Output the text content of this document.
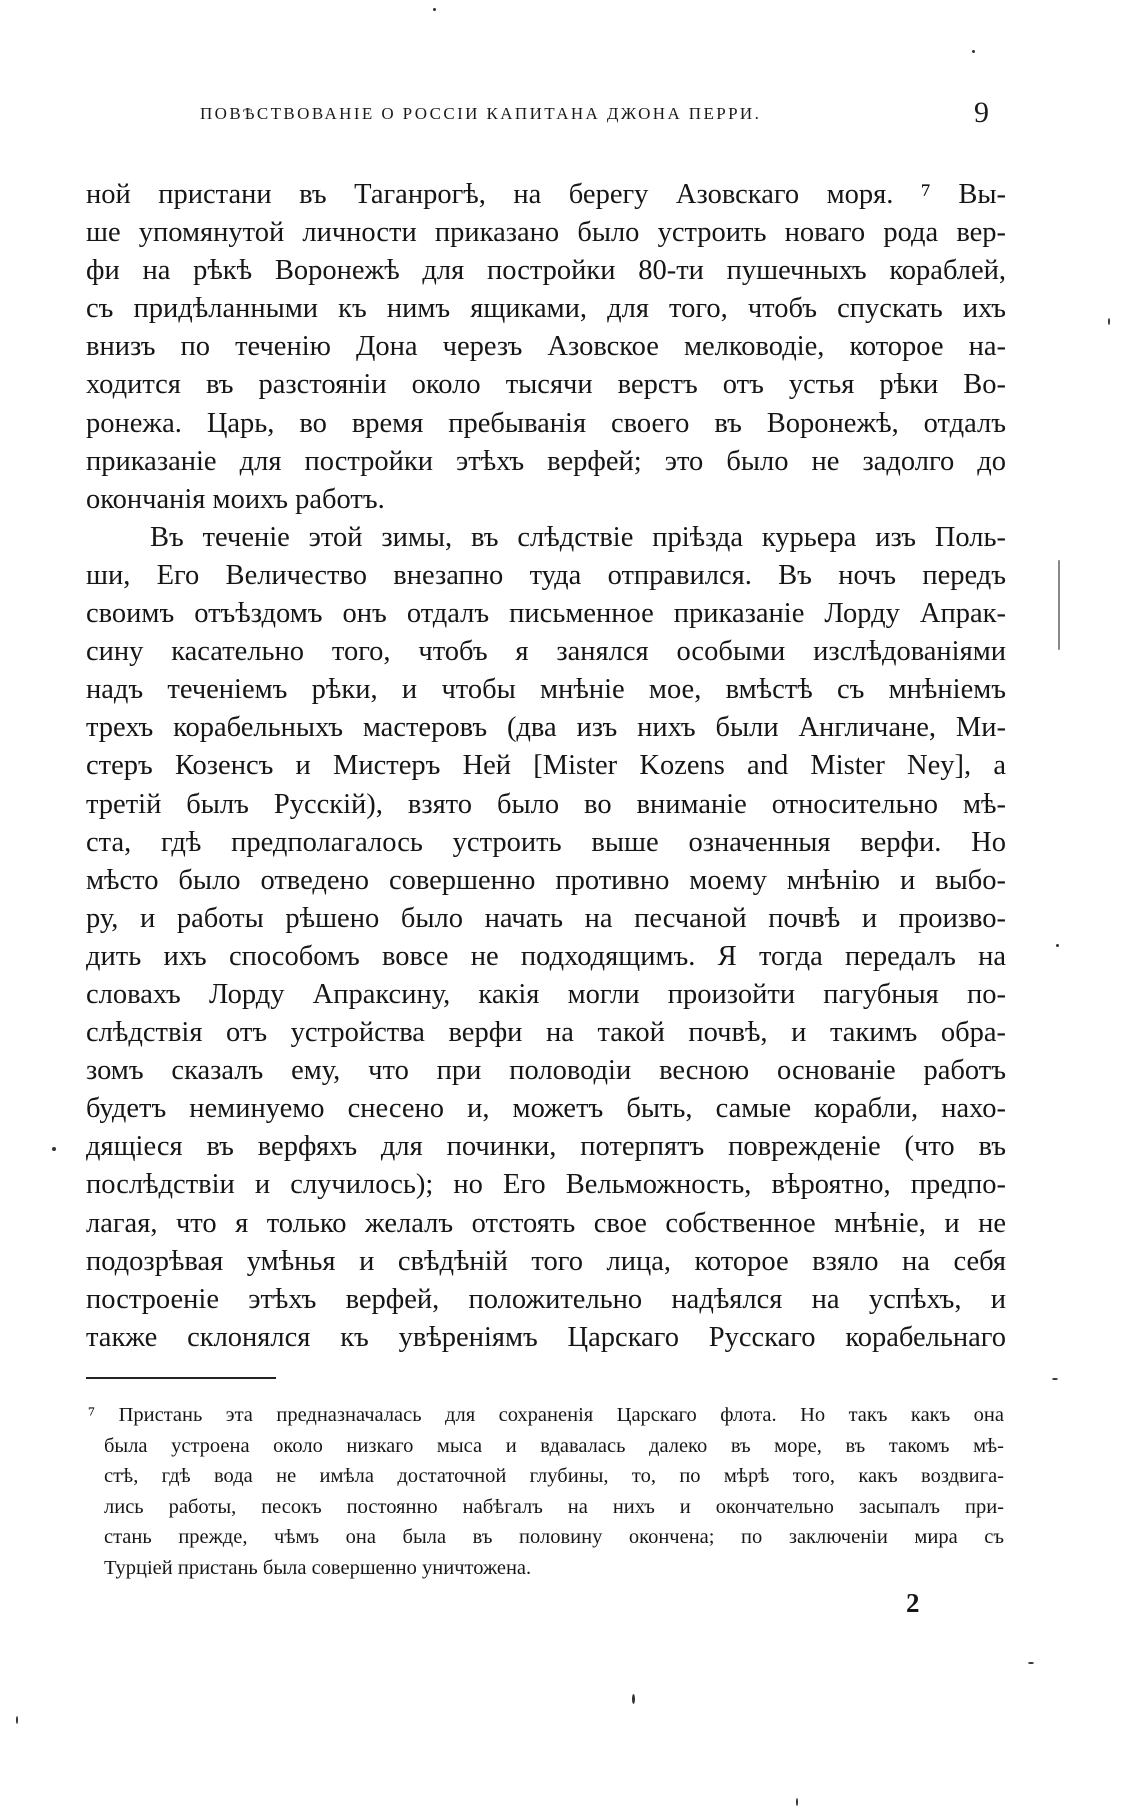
ПОВѢСТВОВАНІЕ О РОССІИ КАПИТАНА ДЖОНА ПЕРРИ.	9
ной пристани въ Таганрогѣ, на берегу Азовскаго моря. ⁷ Вы-
ше упомянутой личности приказано было устроить новаго рода вер-
фи на рѣкѣ Воронежѣ для постройки 80-ти пушечныхъ кораблей,
съ придѣланными къ нимъ ящиками, для того, чтобъ спускать ихъ
внизъ по теченію Дона черезъ Азовское мелководіе, которое на-
ходится въ разстояніи около тысячи верстъ отъ устья рѣки Во-
ронежа. Царь, во время пребыванія своего въ Воронежѣ, отдалъ
приказаніе для постройки этѣхъ верфей; это было не задолго до
окончанія моихъ работъ.
Въ теченіе этой зимы, въ слѣдствіе пріѣзда курьера изъ Поль-
ши, Его Величество внезапно туда отправился. Въ ночъ передъ
своимъ отъѣздомъ онъ отдалъ письменное приказаніе Лорду Апрак-
сину касательно того, чтобъ я занялся особыми изслѣдованіями
надъ теченіемъ рѣки, и чтобы мнѣніе мое, вмѣстѣ съ мнѣніемъ
трехъ корабельныхъ мастеровъ (два изъ нихъ были Англичане, Ми-
стеръ Козенсъ и Мистеръ Ней [Mister Kozens and Mister Ney], а
третій былъ Русскій), взято было во вниманіе относительно мѣ-
ста, гдѣ предполагалось устроить выше означенныя верфи. Но
мѣсто было отведено совершенно противно моему мнѣнію и выбо-
ру, и работы рѣшено было начать на песчаной почвѣ и произво-
дить ихъ способомъ вовсе не подходящимъ. Я тогда передалъ на
словахъ Лорду Апраксину, какія могли произойти пагубныя по-
слѣдствія отъ устройства верфи на такой почвѣ, и такимъ обра-
зомъ сказалъ ему, что при половодіи весною основаніе работъ
будетъ неминуемо снесено и, можетъ быть, самые корабли, нахо-
дящіеся въ верфяхъ для починки, потерпятъ поврежденіе (что въ
послѣдствіи и случилось); но Его Вельможность, вѣроятно, предпо-
лагая, что я только желалъ отстоять свое собственное мнѣніе, и не
подозрѣвая умѣнья и свѣдѣній того лица, которое взяло на себя
построеніе этѣхъ верфей, положительно надѣялся на успѣхъ, и
также склонялся къ увѣреніямъ Царскаго Русскаго корабельнаго
⁷ Пристань эта предназначалась для сохраненія Царскаго флота. Но такъ какъ она
была устроена около низкаго мыса и вдавалась далеко въ море, въ такомъ мѣ-
стѣ, гдѣ вода не имѣла достаточной глубины, то, по мѣрѣ того, какъ воздвига-
лись работы, песокъ постоянно набѣгалъ на нихъ и окончательно засыпалъ при-
стань прежде, чѣмъ она была въ половину окончена; по заключеніи мира съ
Турціей пристань была совершенно уничтожена.
2
